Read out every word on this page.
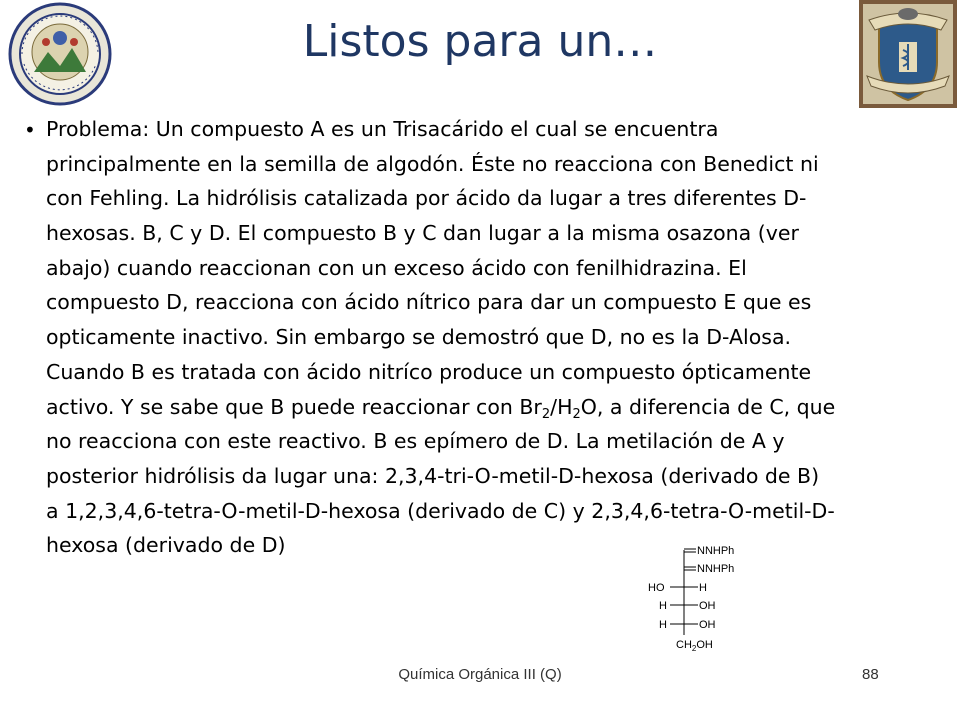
Listos para un…
• Problema: Un compuesto A es un Trisacárido el cual se encuentra
principalmente en la semilla de algodón. Éste no reacciona con Benedict ni
con Fehling. La hidrólisis catalizada por ácido da lugar a tres diferentes D-
hexosas. B, C y D. El compuesto B y C dan lugar a la misma osazona (ver
abajo) cuando reaccionan con un exceso ácido con fenilhidrazina. El
compuesto D, reacciona con ácido nítrico para dar un compuesto E que es
opticamente inactivo. Sin embargo se demostró que D, no es la D-Alosa.
Cuando B es tratada con ácido nitríco produce un compuesto ópticamente
activo. Y se sabe que B puede reaccionar con $Br_2/H_2O$, a diferencia de C, que
no reacciona con este reactivo. B es epímero de D. La metilación de A y
posterior hidrólisis da lugar una: 2,3,4-tri-O-metil-D-hexosa (derivado de B)
a 1,2,3,4,6-tetra-O-metil-D-hexosa (derivado de C) y 2,3,4,6-tetra-O-metil-D-
hexosa (derivado de D)	NNHPh
NNHPh
HO	H
H	OH
H	OH
$CH_2OH$
Química Orgánica III (Q)	88
